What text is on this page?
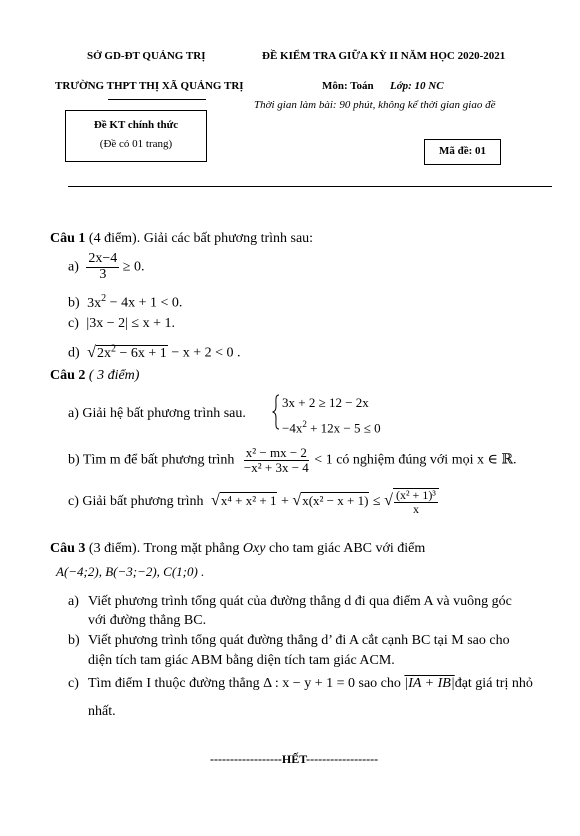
SỞ GD-ĐT QUẢNG TRỊ
TRƯỜNG THPT THỊ XÃ QUẢNG TRỊ
ĐỀ KIỂM TRA GIỮA KỲ II NĂM HỌC 2020-2021
Môn: Toán Lớp: 10 NC
Thời gian làm bài: 90 phút, không kể thời gian giao đề
Đề KT chính thức
(Đề có 01 trang)
Mã đề: 01
Câu 1 (4 điểm). Giải các bất phương trình sau:
$a) \frac{2x-4}{3} \ge 0$.
b) $3x^2 - 4x + 1 < 0$.
c) |3x − 2| ≤ x + 1.
d) $√2x^2 - 6x + 1 - x + 2 < 0$ .
Câu 2 ( 3 điểm)
a) Giải hệ bất phương trình sau.
3x + 2 ≥ 12 − 2x
$-4x^2 + 12x - 5 \le 0$
b) Tìm m để bất phương trình $\frac{\text{x² − mx − 2}}{\text{−x² + 3x − 4}} < 1$ có nghiệm đúng với mọi x ∈ ℝ.
c) Giải bất phương trình √x⁴ + x² + 1 + √x(x² − x + 1) ≤ √ $\frac{\text{(x² + 1)³}}{x}$
Câu 3 (3 điểm). Trong mặt phẳng Oxy cho tam giác ABC với điểm
A(−4;2), B(−3;−2), C(1;0) .
a) Viết phương trình tổng quát của đường thẳng d đi qua điểm A và vuông góc
với đường thẳng BC.
b) Viết phương trình tổng quát đường thẳng d’ đi A cắt cạnh BC tại M sao cho
diện tích tam giác ABM bằng diện tích tam giác ACM.
c) Tìm điểm I thuộc đường thẳng Δ : x − y + 1 = 0 sao cho |IA + IB|đạt giá trị nhỏ
nhất.
------------------HẾT------------------
